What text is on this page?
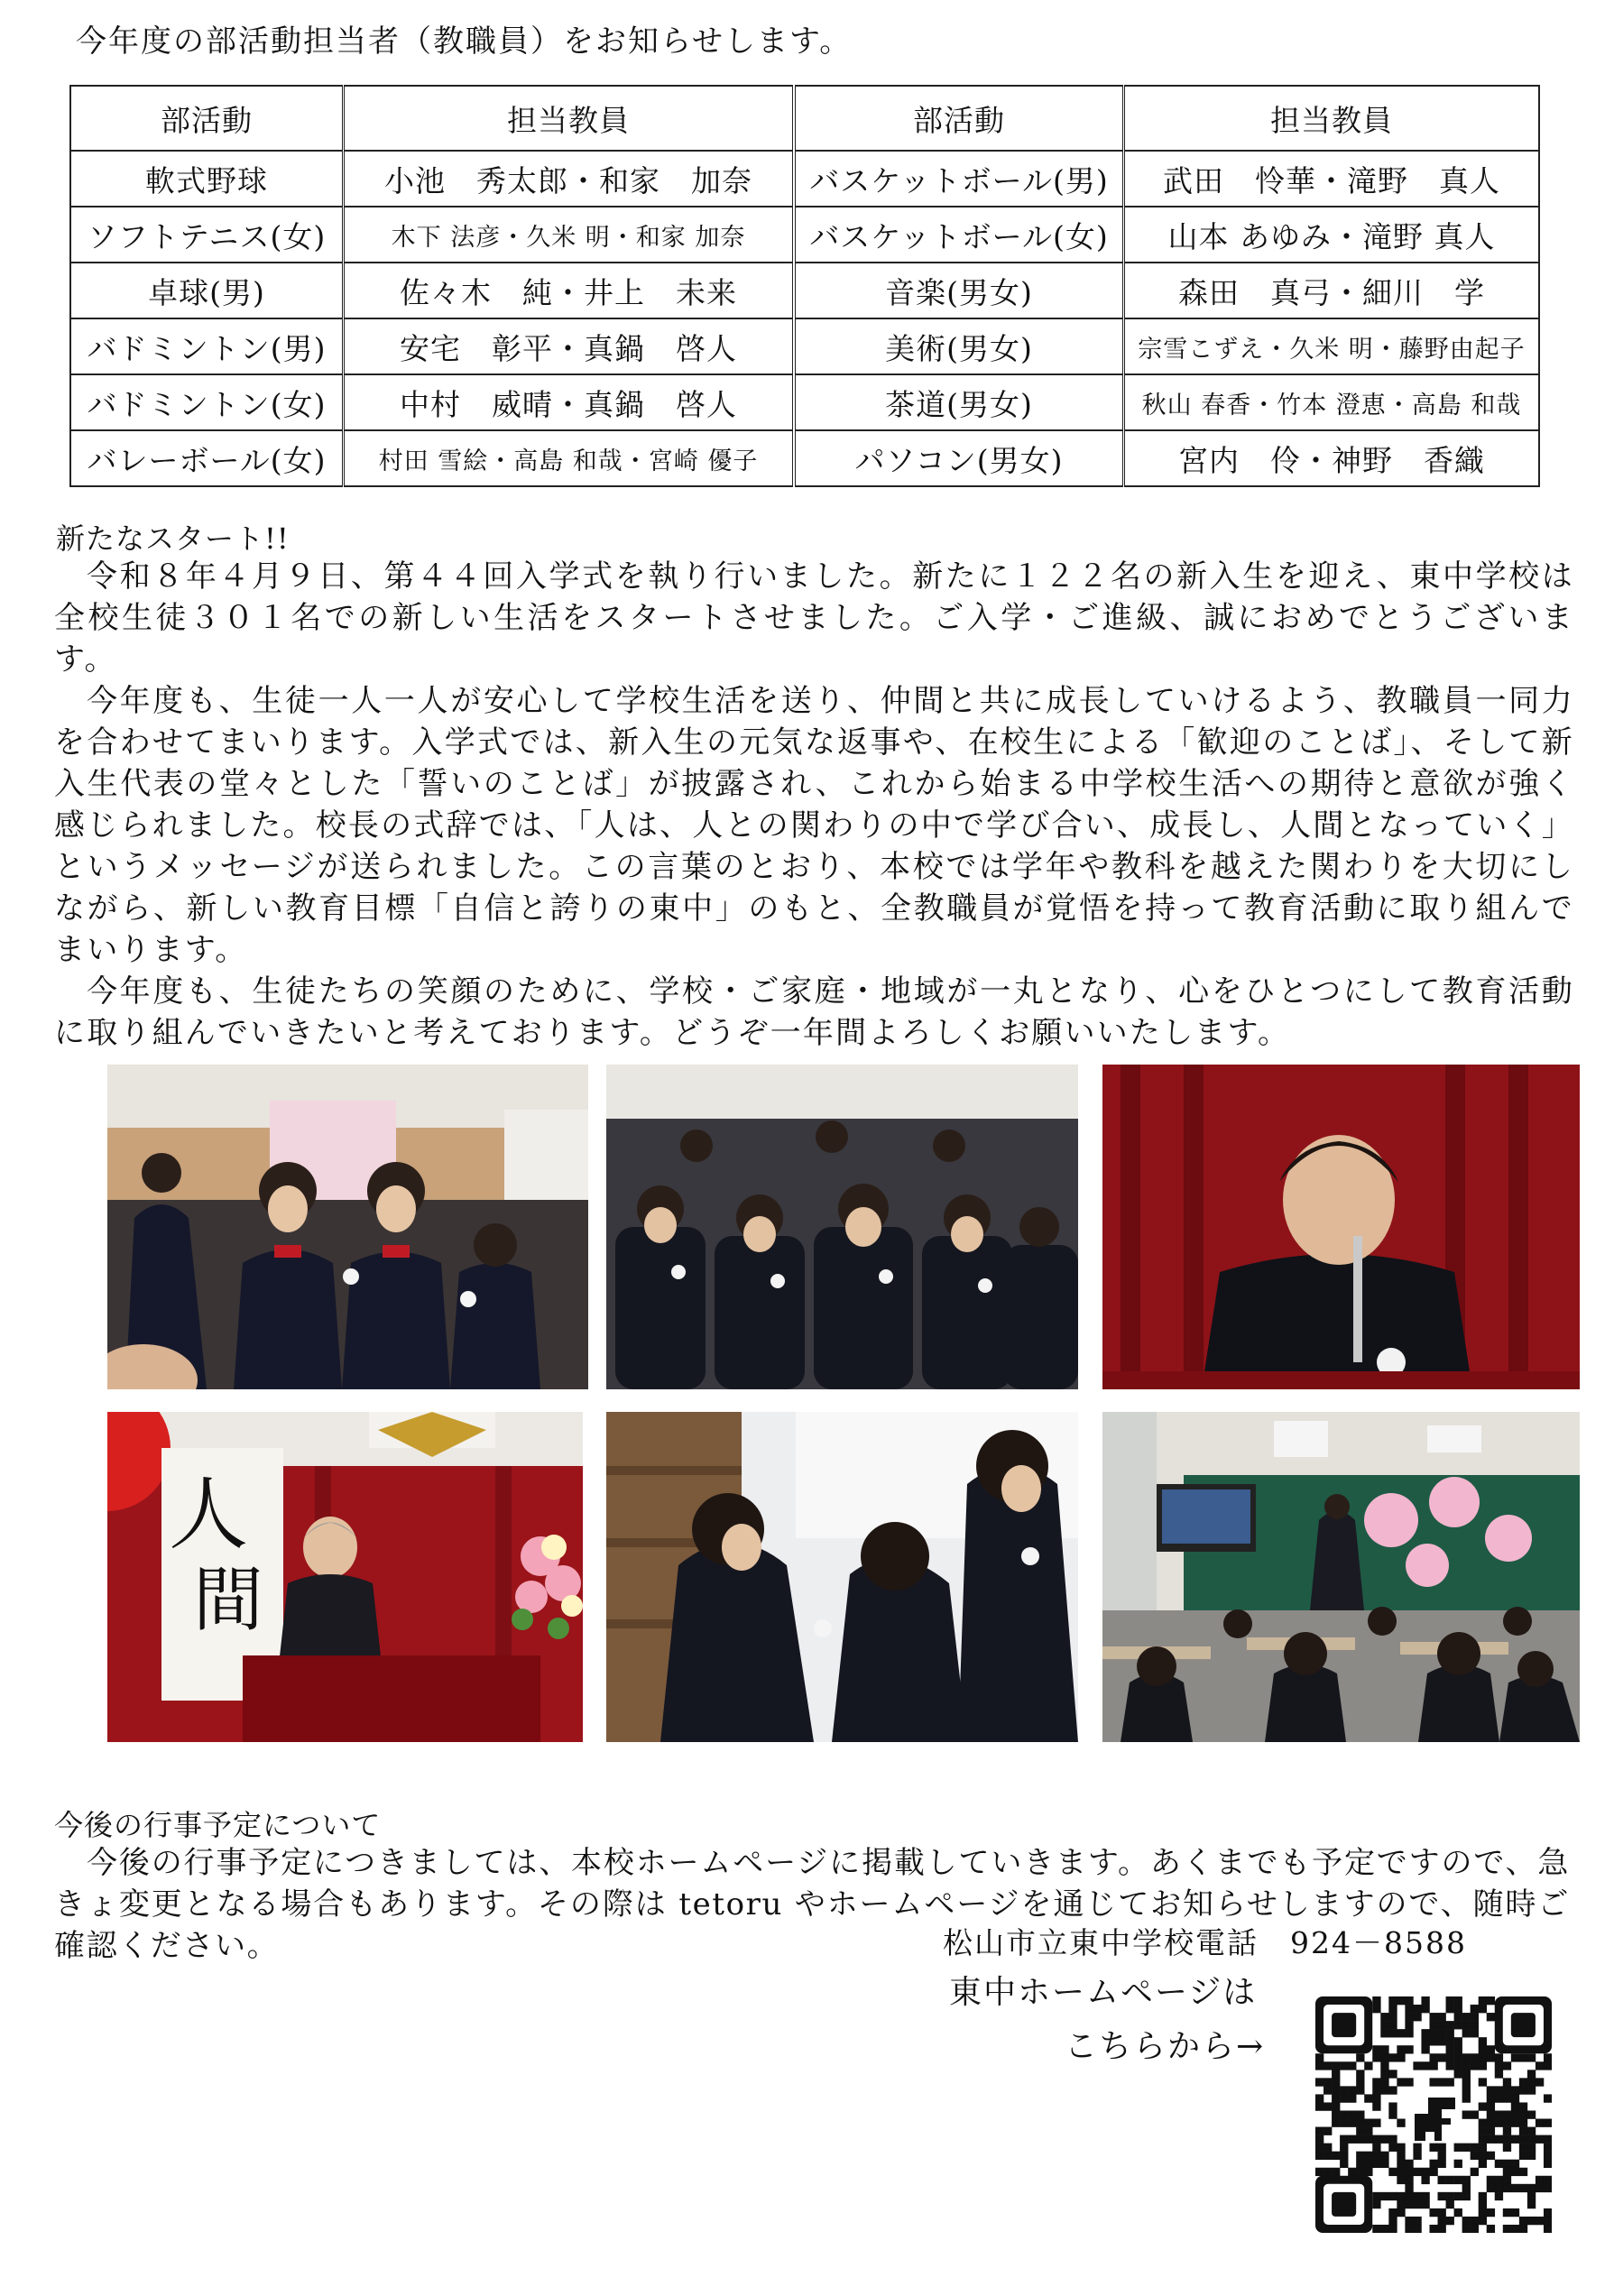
今年度の部活動担当者（教職員）をお知らせします。
部活動	担当教員	部活動	担当教員
軟式野球	小池　秀太郎・和家　加奈	バスケットボール(男)	武田　怜華・滝野　真人
ソフトテニス(女)	木下 法彦・久米 明・和家 加奈	バスケットボール(女)	山本 あゆみ・滝野 真人
卓球(男)	佐々木　純・井上　未来	音楽(男女)	森田　真弓・細川　学
バドミントン(男)	安宅　彰平・真鍋　啓人	美術(男女)	宗雪こずえ・久米 明・藤野由起子
バドミントン(女)	中村　威晴・真鍋　啓人	茶道(男女)	秋山 春香・竹本 澄恵・高島 和哉
バレーボール(女)	村田 雪絵・高島 和哉・宮崎 優子	パソコン(男女)	宮内　伶・神野　香織
新たなスタート!!
令和８年４月９日、第４４回入学式を執り行いました。新たに１２２名の新入生を迎え、東中学校は全校生徒３０１名での新しい生活をスタートさせました。ご入学・ご進級、誠におめでとうございます。
今年度も、生徒一人一人が安心して学校生活を送り、仲間と共に成長していけるよう、教職員一同力を合わせてまいります。入学式では、新入生の元気な返事や、在校生による「歓迎のことば」、そして新入生代表の堂々とした「誓いのことば」が披露され、これから始まる中学校生活への期待と意欲が強く感じられました。校長の式辞では、「人は、人との関わりの中で学び合い、成長し、人間となっていく」というメッセージが送られました。この言葉のとおり、本校では学年や教科を越えた関わりを大切にしながら、新しい教育目標「自信と誇りの東中」のもと、全教職員が覚悟を持って教育活動に取り組んでまいります。
今年度も、生徒たちの笑顔のために、学校・ご家庭・地域が一丸となり、心をひとつにして教育活動に取り組んでいきたいと考えております。どうぞ一年間よろしくお願いいたします。
人
間
今後の行事予定について
今後の行事予定につきましては、本校ホームページに掲載していきます。あくまでも予定ですので、急きょ変更となる場合もあります。その際は tetoru やホームページを通じてお知らせしますので、随時ご確認ください。	松山市立東中学校電話　924－8588
東中ホームページは
こちらから→
